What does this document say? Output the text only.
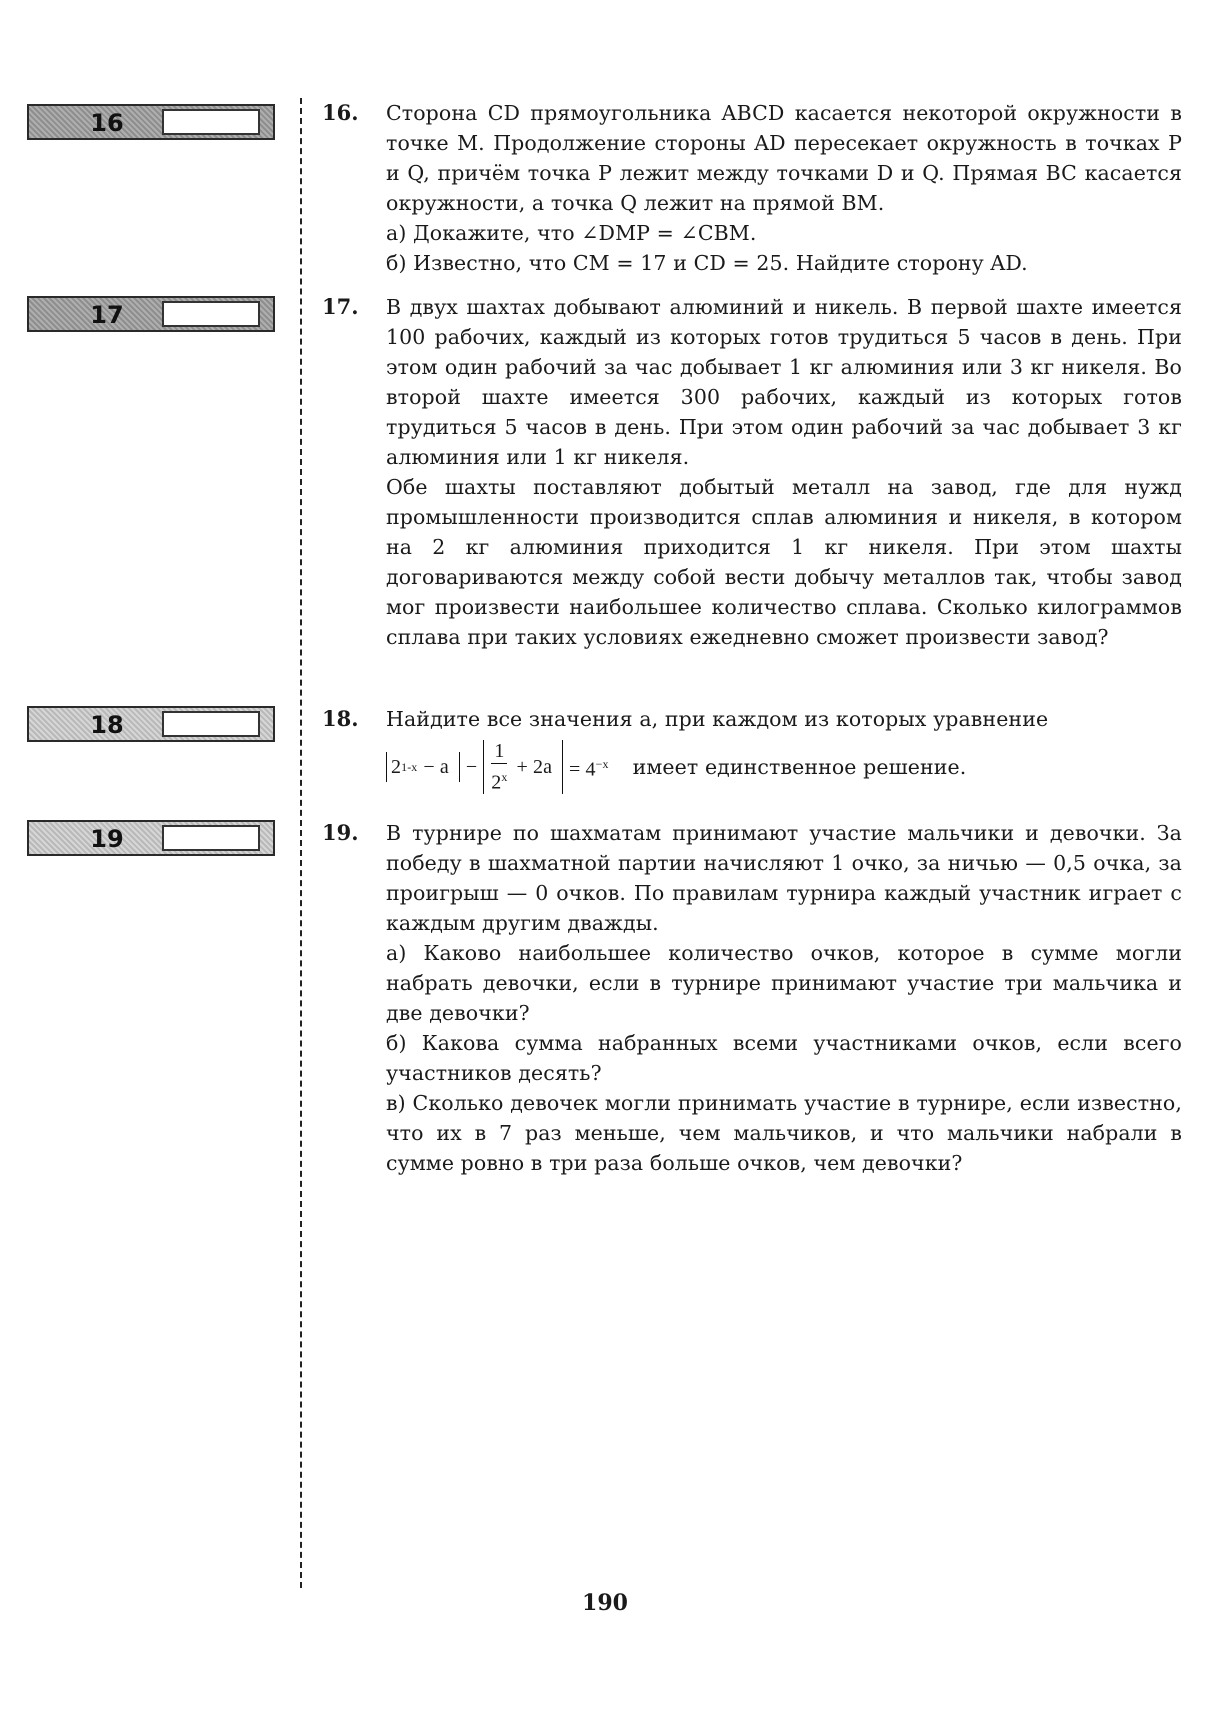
16
17
18
19
16. Сторона CD прямоугольника ABCD касается некоторой окружности в точке M. Продолжение стороны AD пересекает окружность в точках P и Q, причём точка P лежит между точками D и Q. Прямая BC касается окружности, а точка Q лежит на прямой BM.

а) Докажите, что ∠DMP = ∠CBM.

б) Известно, что CM = 17 и CD = 25. Найдите сторону AD.

17. В двух шахтах добывают алюминий и никель. В первой шахте имеется 100 рабочих, каждый из которых готов трудиться 5 часов в день. При этом один рабочий за час добывает 1 кг алюминия или 3 кг никеля. Во второй шахте имеется 300 рабочих, каждый из которых готов трудиться 5 часов в день. При этом один рабочий за час добывает 3 кг алюминия или 1 кг никеля.

Обе шахты поставляют добытый металл на завод, где для нужд промышленности производится сплав алюминия и никеля, в котором на 2 кг алюминия приходится 1 кг никеля. При этом шахты договариваются между собой вести добычу металлов так, чтобы завод мог произвести наибольшее количество сплава. Сколько килограммов сплава при таких условиях ежедневно сможет произвести завод?

18. Найдите все значения a, при каждом из которых уравнение

2 $1-x - a - \frac{1}{2^x} + 2a = 4^{-x}$ имеет единственное решение.
19. В турнире по шахматам принимают участие мальчики и девочки. За победу в шахматной партии начисляют 1 очко, за ничью — 0,5 очка, за проигрыш — 0 очков. По правилам турнира каждый участник играет с каждым другим дважды.

а) Каково наибольшее количество очков, которое в сумме могли набрать девочки, если в турнире принимают участие три мальчика и две девочки?

б) Какова сумма набранных всеми участниками очков, если всего участников десять?

в) Сколько девочек могли принимать участие в турнире, если известно, что их в 7 раз меньше, чем мальчиков, и что мальчики набрали в сумме ровно в три раза больше очков, чем девочки?

190
